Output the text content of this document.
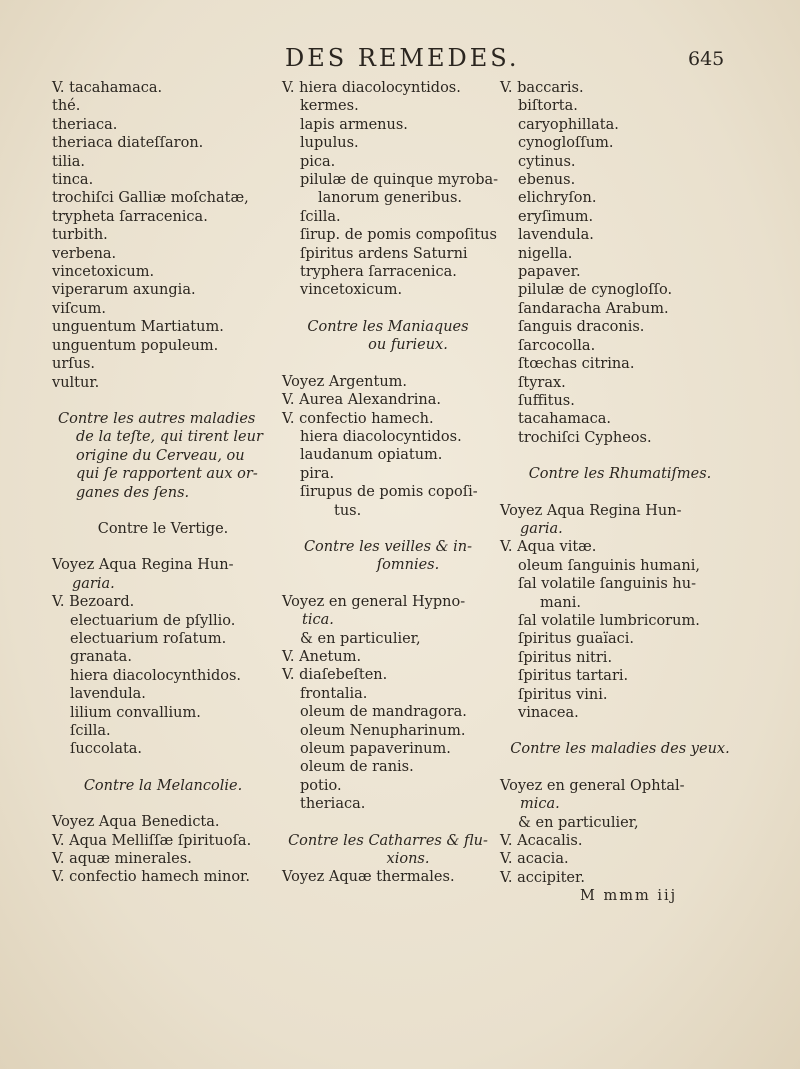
DES REMEDES.	645
V. tacahamaca.
thé.
theriaca.
theriaca diateſſaron.
tilia.
tinca.
trochiſci Galliæ moſchatæ,
trypheta ſarracenica.
turbith.
verbena.
vincetoxicum.
viperarum axungia.
viſcum.
unguentum Martiatum.
unguentum populeum.
urſus.
vultur.
Contre les autres maladies
de la teſte, qui tirent leur
origine du Cerveau, ou
qui ſe rapportent aux or-
ganes des ſens.
Contre le Vertige.
Voyez Aqua Regina Hun-
garia.
V. Bezoard.
electuarium de pſyllio.
electuarium roſatum.
granata.
hiera diacolocynthidos.
lavendula.
lilium convallium.
ſcilla.
ſuccolata.
Contre la Melancolie.
Voyez Aqua Benedicta.
V. Aqua Melliſſæ ſpirituoſa.
V. aquæ minerales.
V. confectio hamech minor.
V. hiera diacolocyntidos.
kermes.
lapis armenus.
lupulus.
pica.
pilulæ de quinque myroba-
lanorum generibus.
ſcilla.
ſirup. de pomis compoſitus
ſpiritus ardens Saturni
tryphera ſarracenica.
vincetoxicum.
Contre les Maniaques
ou furieux.
Voyez Argentum.
V. Aurea Alexandrina.
V. confectio hamech.
hiera diacolocyntidos.
laudanum opiatum.
pira.
ſirupus de pomis copoſi-
tus.
Contre les veilles & in-
ſomnies.
Voyez en general Hypno-
tica.
& en particulier,
V. Anetum.
V. diaſebeſten.
frontalia.
oleum de mandragora.
oleum Nenupharinum.
oleum papaverinum.
oleum de ranis.
potio.
theriaca.
Contre les Catharres & flu-
xions.
Voyez Aquæ thermales.
V. baccaris.
biſtorta.
caryophillata.
cynogloſſum.
cytinus.
ebenus.
elichryſon.
eryſimum.
lavendula.
nigella.
papaver.
pilulæ de cynogloſſo.
ſandaracha Arabum.
ſanguis draconis.
ſarcocolla.
ſtœchas citrina.
ſtyrax.
ſuffitus.
tacahamaca.
trochiſci Cypheos.
Contre les Rhumatiſmes.
Voyez Aqua Regina Hun-
garia.
V. Aqua vitæ.
oleum ſanguinis humani,
ſal volatile ſanguinis hu-
mani.
ſal volatile lumbricorum.
ſpiritus guaïaci.
ſpiritus nitri.
ſpiritus tartari.
ſpiritus vini.
vinacea.
Contre les maladies des yeux.
Voyez en general Ophtal-
mica.
& en particulier,
V. Acacalis.
V. acacia.
V. accipiter.
M mmm iij
